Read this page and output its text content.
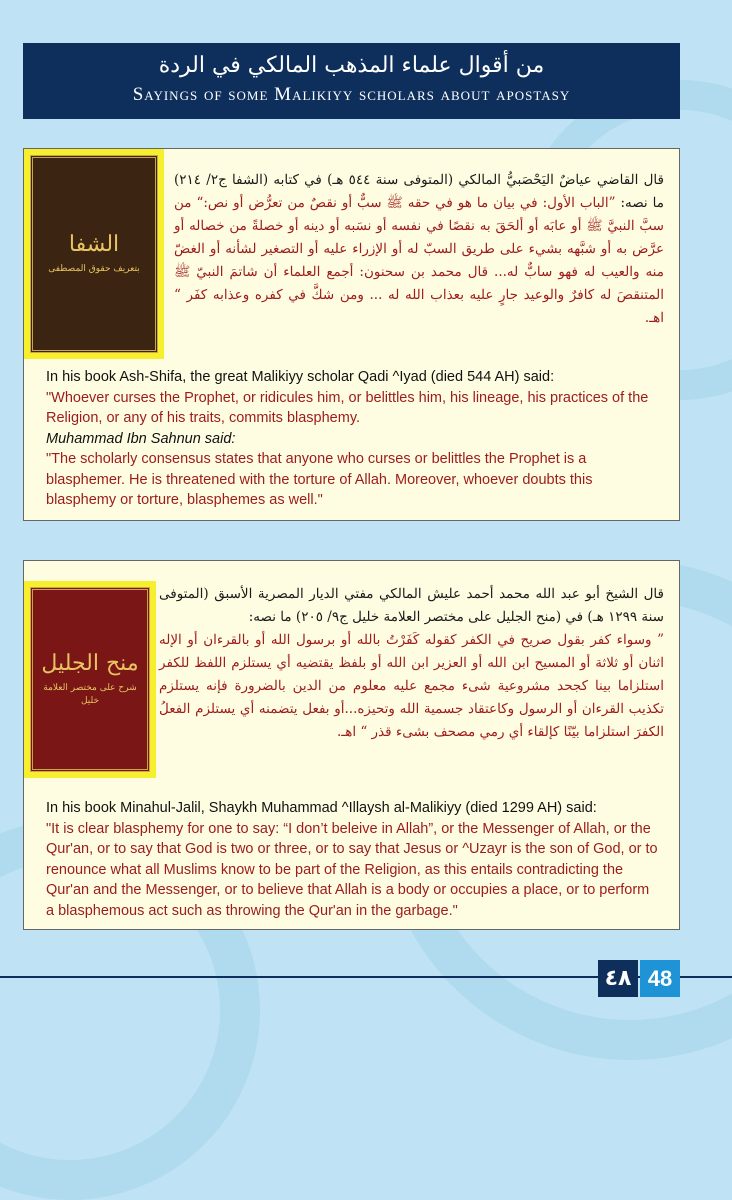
من أقوال علماء المذهب المالكي في الردة
Sayings of some Malikiyy scholars about apostasy
الشفا
بتعريف حقوق المصطفى
قال القاضي عياضٌ اليَحْصَبيُّ المالكي (المتوفى سنة ٥٤٤ هـ) في كتابه (الشفا ج٢/ ٢١٤) ما نصه: ”الباب الأول: في بيان ما هو في حقه ﷺ سبٌّ أو نقصٌ من تعرُّض أو نص:“ من سبَّ النبيَّ ﷺ أو عابَه أو ألحَقَ به نقصًا في نفسه أو نسَبه أو دينه أو خصلةً من خصاله أو عرَّض به أو شبَّهه بشيء على طريق السبّ له أو الإزراء عليه أو التصغير لشأنه أو الغضّ منه والعيب له فهو سابٌّ له... قال محمد بن سحنون: أجمع العلماء أن شاتمَ النبيّ ﷺ المتنقصَ له كافرٌ والوعيد جارٍ عليه بعذاب الله له ... ومن شكَّ في كفره وعذابه كفَر “ اهـ.
In his book Ash-Shifa, the great Malikiyy scholar Qadi ^Iyad (died 544 AH) said:
"Whoever curses the Prophet, or ridicules him, or belittles him, his lineage, his practices of the Religion, or any of his traits, commits blasphemy.
Muhammad Ibn Sahnun said:
"The scholarly consensus states that anyone who curses or belittles the Prophet is a blasphemer. He is threatened with the torture of Allah. Moreover, whoever doubts this blasphemy or torture, blasphemes as well."
منح الجليل
شرح على مختصر العلامة خليل
قال الشيخ أبو عبد الله محمد أحمد عليش المالكي مفتي الديار المصرية الأسبق (المتوفى سنة ١٢٩٩ هـ) في (منح الجليل على مختصر العلامة خليل ج٩/ ٢٠٥) ما نصه:
” وسواء كفر بقول صريح في الكفر كقوله كَفَرْتُ بالله أو برسول الله أو بالقرءان أو الإله اثنان أو ثلاثة أو المسيح ابن الله أو العزير ابن الله أو بلفظ يقتضيه أي يستلزم اللفظ للكفر استلزاما بينا كجحد مشروعية شىء مجمع عليه معلوم من الدين بالضرورة فإنه يستلزم تكذيب القرءان أو الرسول وكاعتقاد جسمية الله وتحيزه...أو بفعل يتضمنه أي يستلزم الفعلُ الكفرَ استلزاما بيّنًا كإلقاء أي رمي مصحف بشىء قذر “ اهـ.
In his book Minahul-Jalil, Shaykh Muhammad ^Illaysh al-Malikiyy (died 1299 AH) said:
"It is clear blasphemy for one to say: “I don’t beleive in Allah”, or the Messenger of Allah, or the Qur'an, or to say that God is two or three, or to say that Jesus or ^Uzayr is the son of God, or to renounce what all Muslims know to be part of the Religion, as this entails contradicting the Qur'an and the Messenger, or to believe that Allah is a body or occupies a place, or to perform a blasphemous act such as throwing the Qur'an in the garbage."
٤٨ 48
